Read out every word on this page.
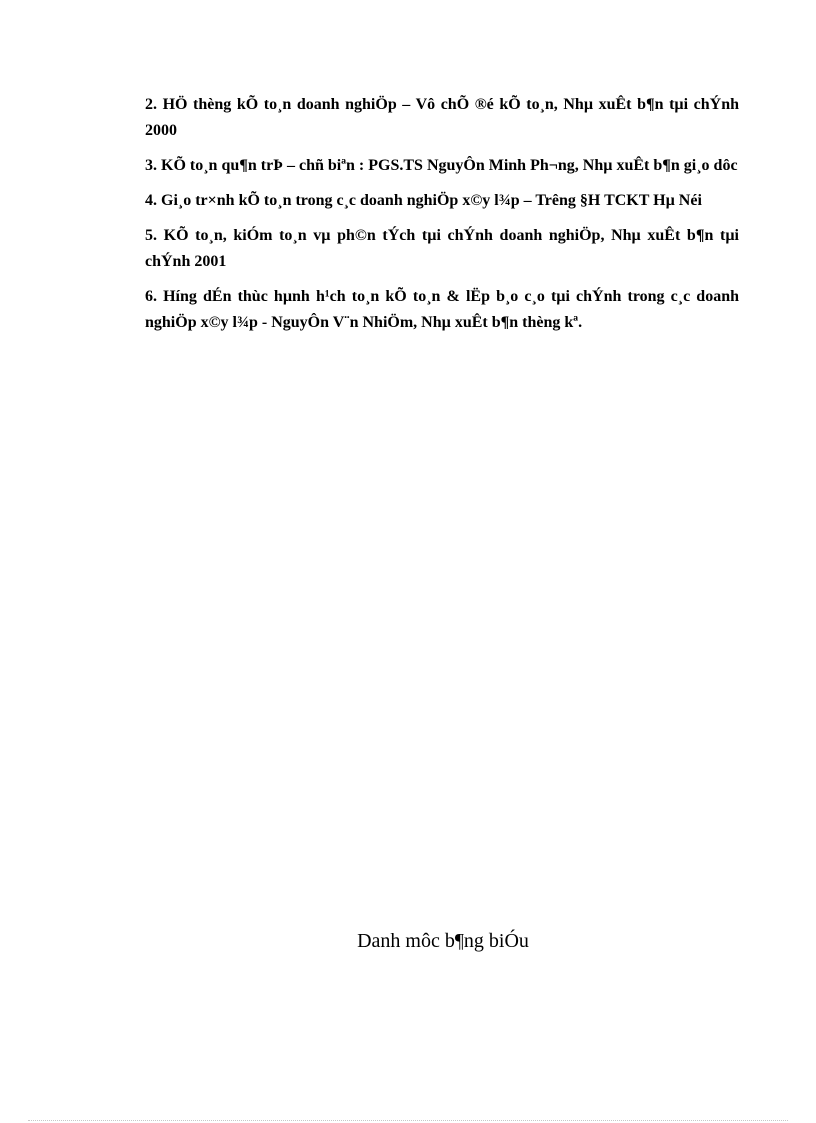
2. HÖ thèng kÕ to¸n doanh nghiÖp – Vô chÕ ®é kÕ to¸n, Nhµ xuÊt b¶n tµi chÝnh 2000

3. KÕ to¸n qu¶n trÞ – chñ biªn : PGS.TS NguyÔn Minh Ph¬ng, Nhµ xuÊt b¶n gi¸o dôc

4. Gi¸o tr×nh kÕ to¸n trong c¸c doanh nghiÖp x©y l¾p – Trêng §H TCKT Hµ Néi

5. KÕ to¸n, kiÓm to¸n vµ ph©n tÝch tµi chÝnh doanh nghiÖp, Nhµ xuÊt b¶n tµi chÝnh 2001

6. Híng dÉn thùc hµnh h¹ch to¸n kÕ to¸n & lËp b¸o c¸o tµi chÝnh trong c¸c doanh nghiÖp x©y l¾p - NguyÔn V¨n NhiÖm, Nhµ xuÊt b¶n thèng kª.

Danh môc b¶ng biÓu
